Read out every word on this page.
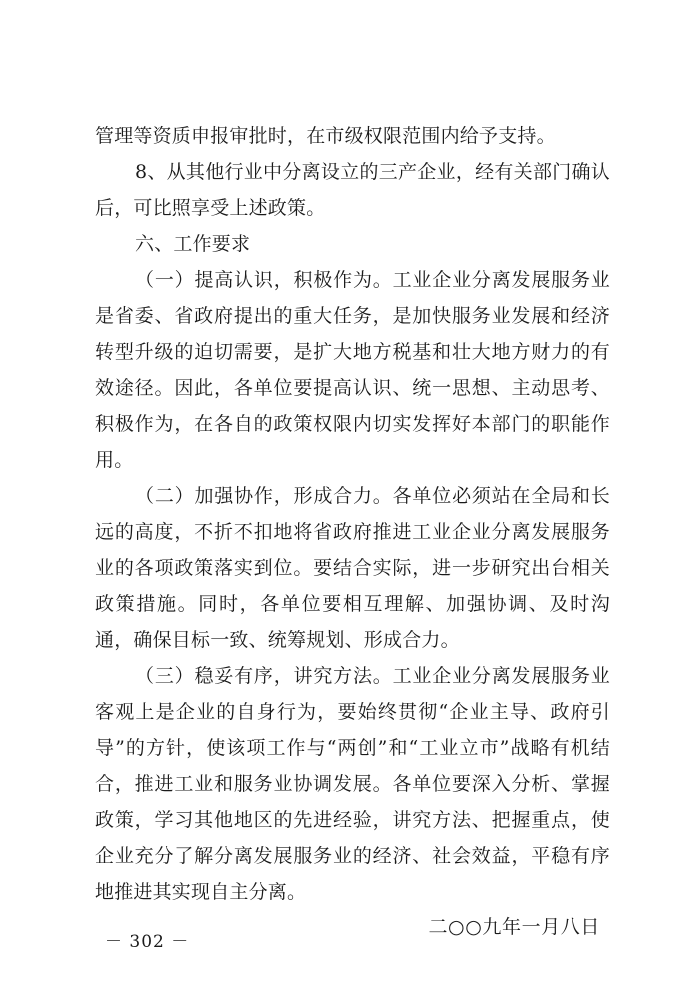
管理等资质申报审批时，在市级权限范围内给予支持。

8、从其他行业中分离设立的三产企业，经有关部门确认后，可比照享受上述政策。

六、工作要求

（一）提高认识，积极作为。工业企业分离发展服务业是省委、省政府提出的重大任务，是加快服务业发展和经济转型升级的迫切需要，是扩大地方税基和壮大地方财力的有效途径。因此，各单位要提高认识、统一思想、主动思考、积极作为，在各自的政策权限内切实发挥好本部门的职能作用。

（二）加强协作，形成合力。各单位必须站在全局和长远的高度，不折不扣地将省政府推进工业企业分离发展服务业的各项政策落实到位。要结合实际，进一步研究出台相关政策措施。同时，各单位要相互理解、加强协调、及时沟通，确保目标一致、统筹规划、形成合力。

（三）稳妥有序，讲究方法。工业企业分离发展服务业客观上是企业的自身行为，要始终贯彻“企业主导、政府引导”的方针，使该项工作与“两创”和“工业立市”战略有机结合，推进工业和服务业协调发展。各单位要深入分析、掌握政策，学习其他地区的先进经验，讲究方法、把握重点，使企业充分了解分离发展服务业的经济、社会效益，平稳有序地推进其实现自主分离。

二○○九年一月八日

－ 302 －
